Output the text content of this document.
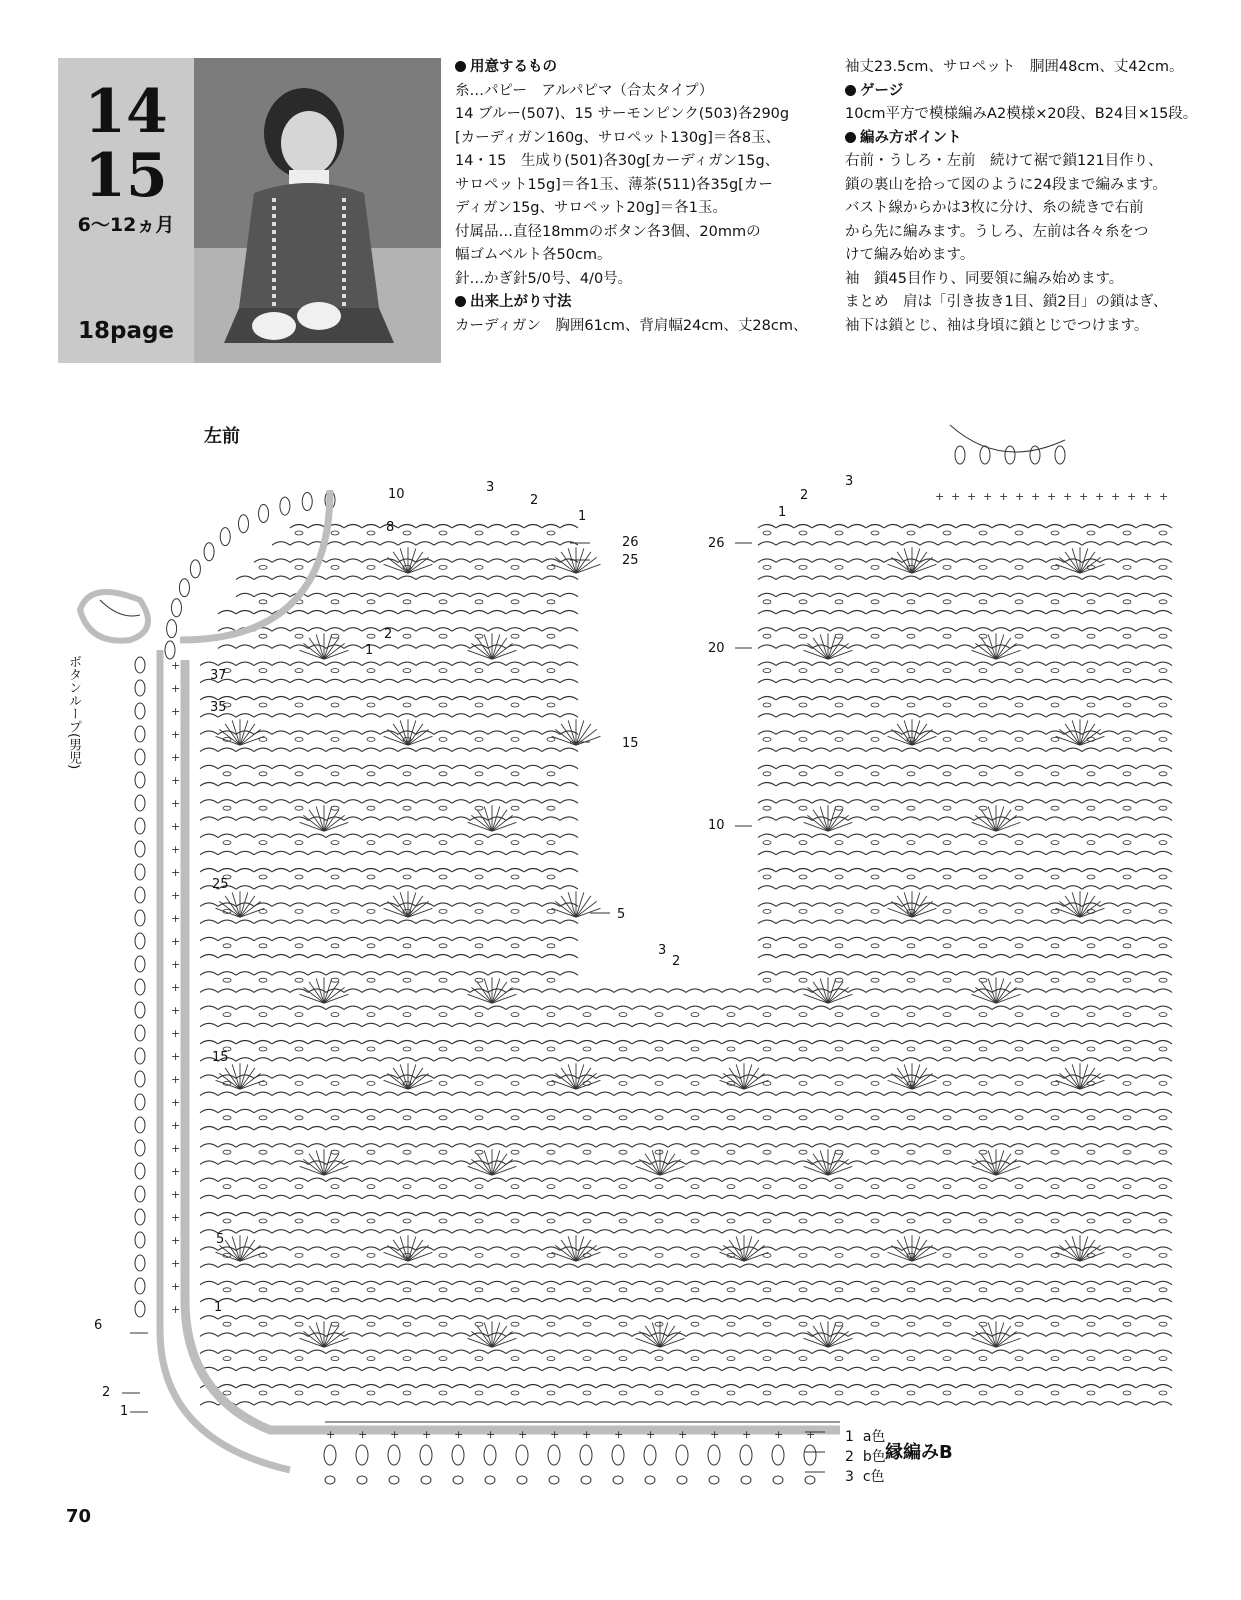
14
15
6〜12ヵ月
18page
用意するもの
糸…パピー　アルパピマ（合太タイプ）
14 ブルー(507)、15 サーモンピンク(503)各290g
[カーディガン160g、サロペット130g]＝各8玉、
14・15　生成り(501)各30g[カーディガン15g、
サロペット15g]＝各1玉、薄茶(511)各35g[カー
ディガン15g、サロペット20g]＝各1玉。
付属品…直径18mmのボタン各3個、20mmの
幅ゴムベルト各50cm。
針…かぎ針5/0号、4/0号。
出来上がり寸法
カーディガン　胸囲61cm、背肩幅24cm、丈28cm、
袖丈23.5cm、サロペット　胴囲48cm、丈42cm。
ゲージ
10cm平方で模様編みA2模様×20段、B24目×15段。
編み方ポイント
右前・うしろ・左前　続けて裾で鎖121目作り、
鎖の裏山を拾って図のように24段まで編みます。
バスト線からかは3枚に分け、糸の続きで右前
から先に編みます。うしろ、左前は各々糸をつ
けて編み始めます。
袖　鎖45目作り、同要領に編み始めます。
まとめ　肩は「引き抜き1目、鎖2目」の鎖はぎ、
袖下は鎖とじ、袖は身頃に鎖とじでつけます。
左前
+
+
+
+
+
+
+
+
+
+
+
+
+
+
+
+
+
+
+
+
+
+
+
+
+
+
+
+
+
+ + + + + + + + + + + + + + + +
+ + + + + + + + + + + + + + +
ボタンループ(男児)	37
35
25
15
5
1
26
20
10
26
25
15
5
3
2
10
8
2
1
3
2
1
3
2
1
6
2
1
1 a色
2 b色
3 c色
縁編みB
70
